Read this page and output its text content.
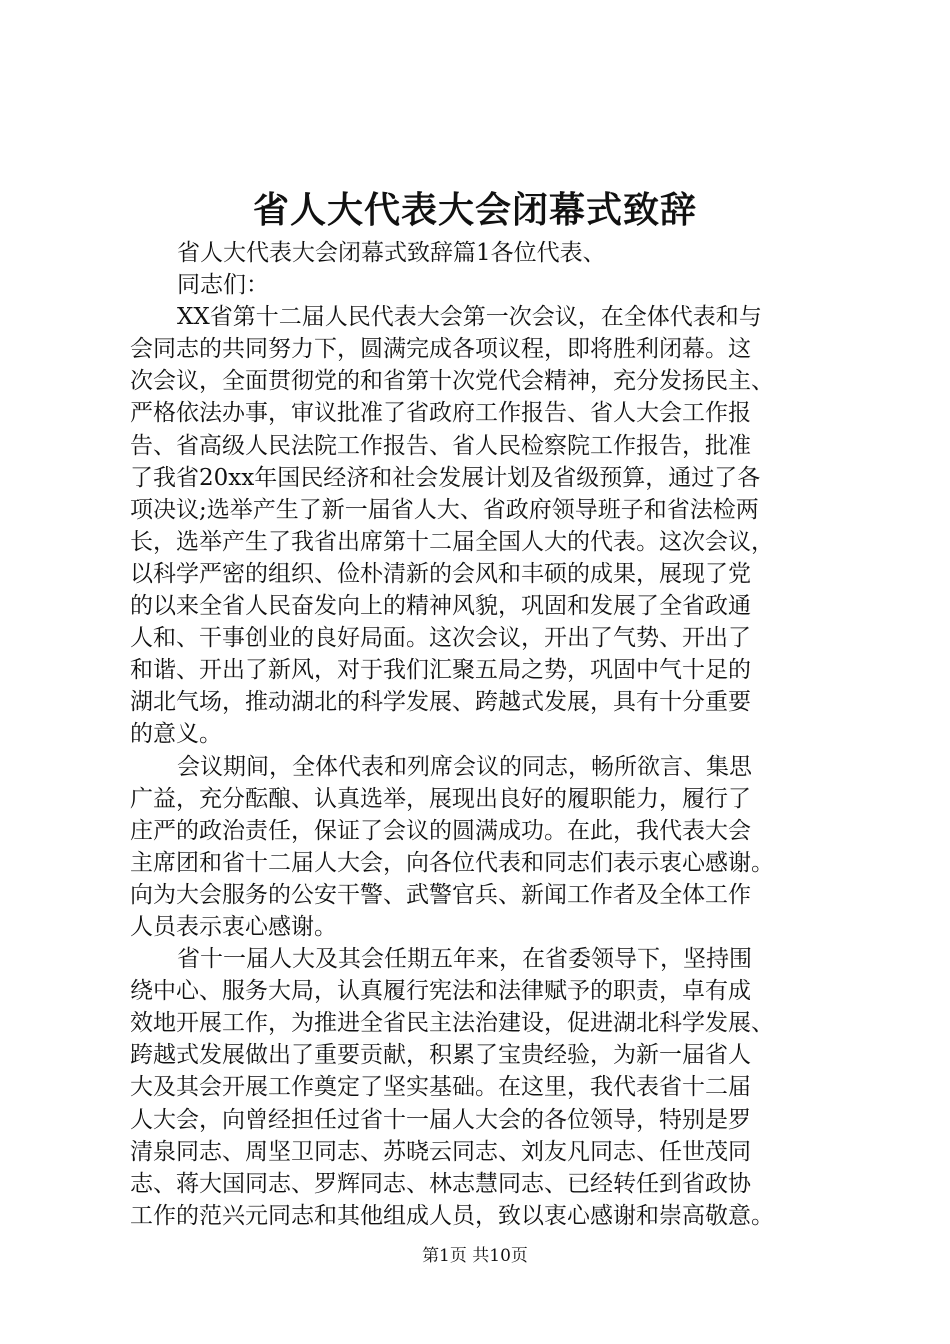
省人大代表大会闭幕式致辞
省人大代表大会闭幕式致辞篇1各位代表、
同志们：
XX省第十二届人民代表大会第一次会议，在全体代表和与
会同志的共同努力下，圆满完成各项议程，即将胜利闭幕。这
次会议，全面贯彻党的和省第十次党代会精神，充分发扬民主、
严格依法办事，审议批准了省政府工作报告、省人大会工作报
告、省高级人民法院工作报告、省人民检察院工作报告，批准
了我省20xx年国民经济和社会发展计划及省级预算，通过了各
项决议;选举产生了新一届省人大、省政府领导班子和省法检两
长，选举产生了我省出席第十二届全国人大的代表。这次会议，
以科学严密的组织、俭朴清新的会风和丰硕的成果，展现了党
的以来全省人民奋发向上的精神风貌，巩固和发展了全省政通
人和、干事创业的良好局面。这次会议，开出了气势、开出了
和谐、开出了新风，对于我们汇聚五局之势，巩固中气十足的
湖北气场，推动湖北的科学发展、跨越式发展，具有十分重要
的意义。
会议期间，全体代表和列席会议的同志，畅所欲言、集思
广益，充分酝酿、认真选举，展现出良好的履职能力，履行了
庄严的政治责任，保证了会议的圆满成功。在此，我代表大会
主席团和省十二届人大会，向各位代表和同志们表示衷心感谢。
向为大会服务的公安干警、武警官兵、新闻工作者及全体工作
人员表示衷心感谢。
省十一届人大及其会任期五年来，在省委领导下，坚持围
绕中心、服务大局，认真履行宪法和法律赋予的职责，卓有成
效地开展工作，为推进全省民主法治建设，促进湖北科学发展、
跨越式发展做出了重要贡献，积累了宝贵经验，为新一届省人
大及其会开展工作奠定了坚实基础。在这里，我代表省十二届
人大会，向曾经担任过省十一届人大会的各位领导，特别是罗
清泉同志、周坚卫同志、苏晓云同志、刘友凡同志、任世茂同
志、蒋大国同志、罗辉同志、林志慧同志、已经转任到省政协
工作的范兴元同志和其他组成人员，致以衷心感谢和崇高敬意。
第1页 共10页
